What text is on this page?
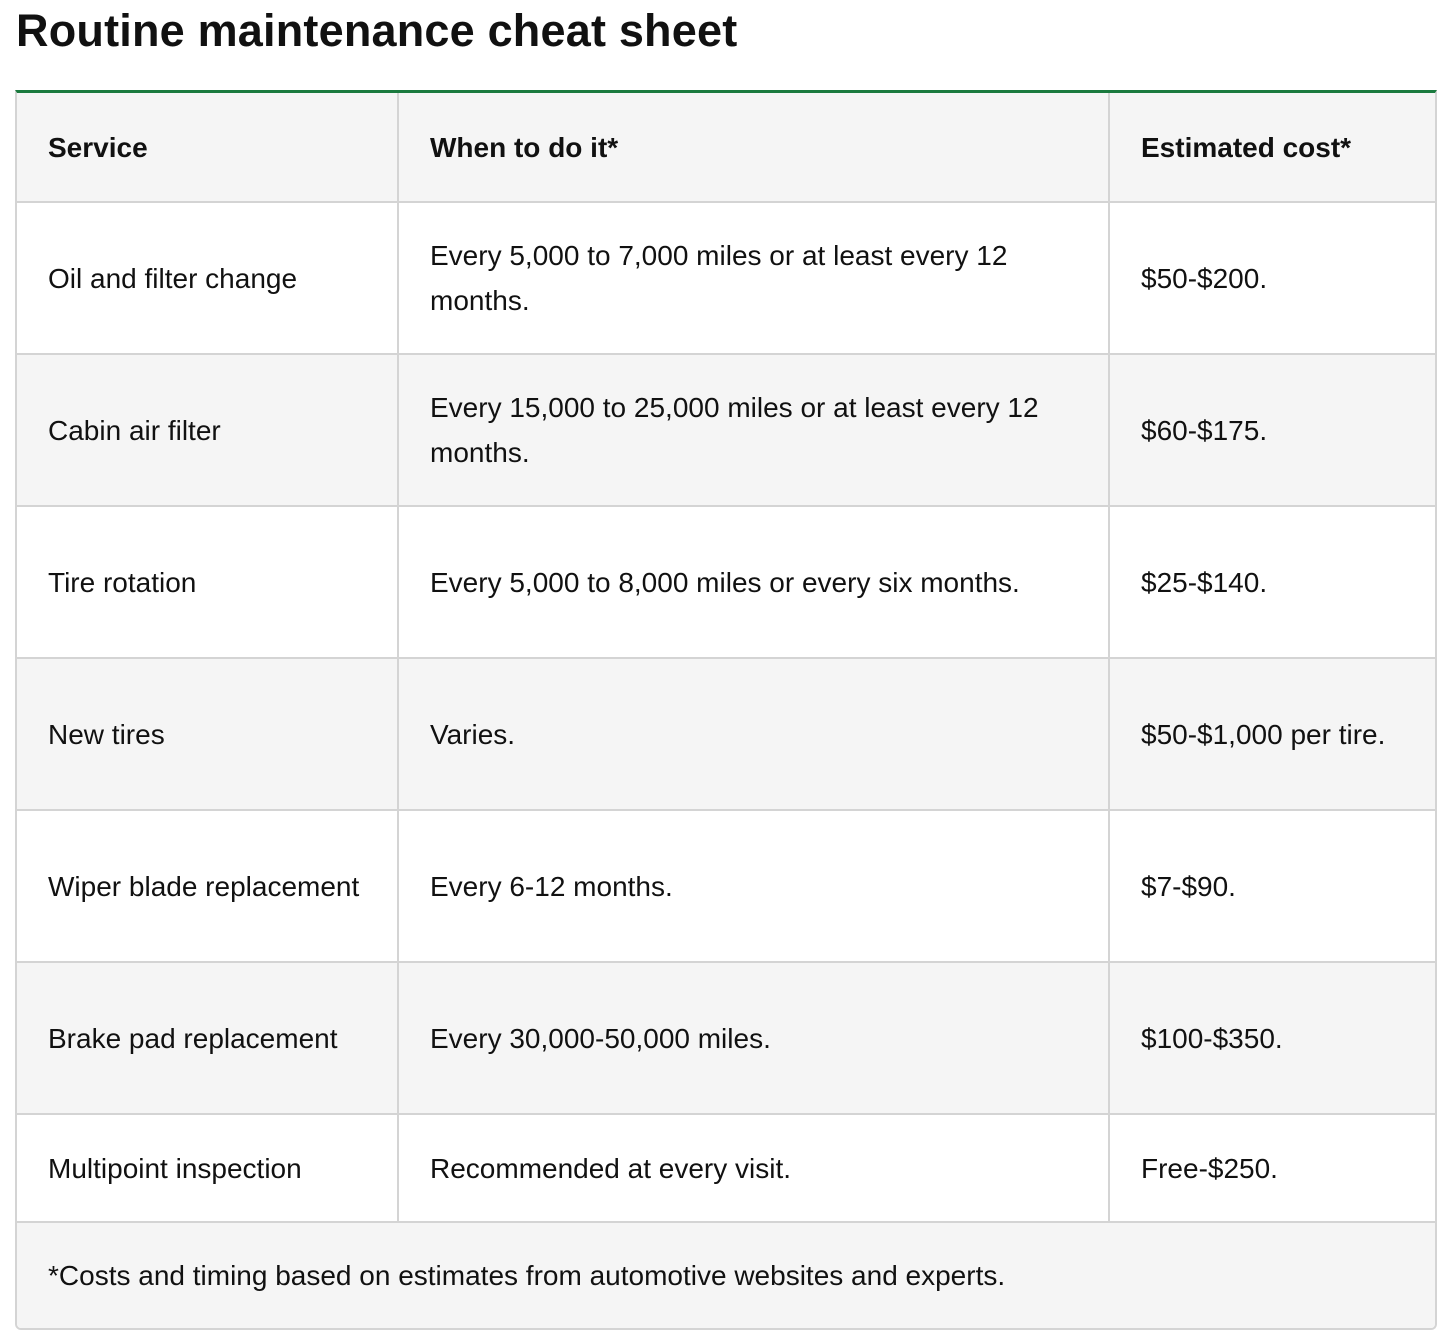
Routine maintenance cheat sheet
Service	When to do it*	Estimated cost*
Oil and filter change	Every 5,000 to 7,000 miles or at least every 12 months.	$50-$200.
Cabin air filter	Every 15,000 to 25,000 miles or at least every 12 months.	$60-$175.
Tire rotation	Every 5,000 to 8,000 miles or every six months.	$25-$140.
New tires	Varies.	$50-$1,000 per tire.
Wiper blade replacement	Every 6-12 months.	$7-$90.
Brake pad replacement	Every 30,000-50,000 miles.	$100-$350.
Multipoint inspection	Recommended at every visit.	Free-$250.
*Costs and timing based on estimates from automotive websites and experts.
